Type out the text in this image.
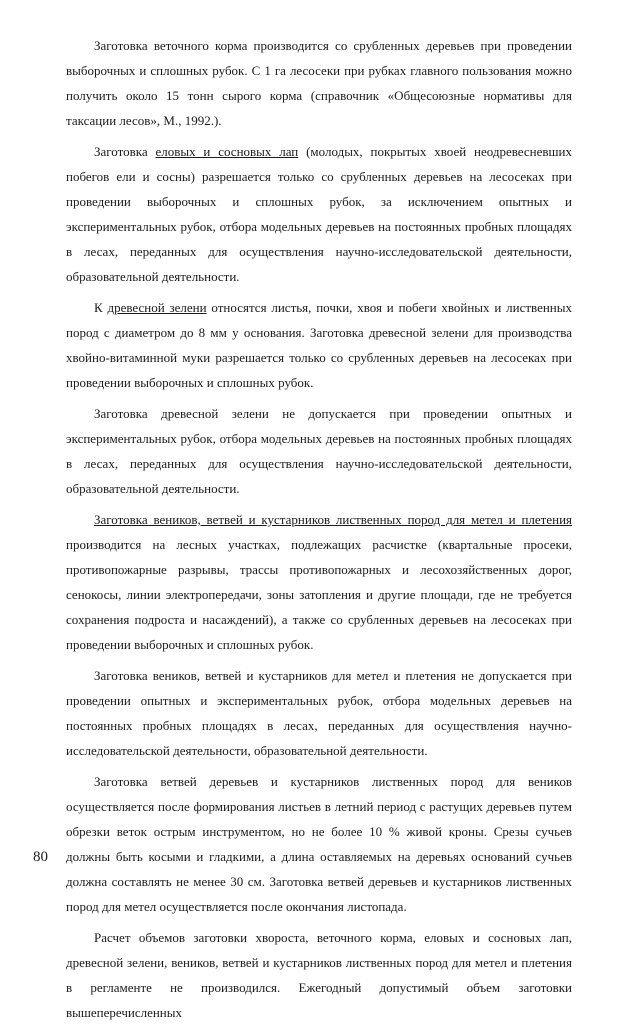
Заготовка веточного корма производится со срубленных деревьев при проведении выборочных и сплошных рубок. С 1 га лесосеки при рубках главного пользования можно получить около 15 тонн сырого корма (справочник «Общесоюзные нормативы для таксации лесов», М., 1992.).

Заготовка еловых и сосновых лап (молодых, покрытых хвоей неодревесневших побегов ели и сосны) разрешается только со срубленных деревьев на лесосеках при проведении выборочных и сплошных рубок, за исключением опытных и экспериментальных рубок, отбора модельных деревьев на постоянных пробных площадях в лесах, переданных для осуществления научно-исследовательской деятельности, образовательной деятельности.

К древесной зелени относятся листья, почки, хвоя и побеги хвойных и лиственных пород с диаметром до 8 мм у основания. Заготовка древесной зелени для производства хвойно-витаминной муки разрешается только со срубленных деревьев на лесосеках при проведении выборочных и сплошных рубок.

Заготовка древесной зелени не допускается при проведении опытных и экспериментальных рубок, отбора модельных деревьев на постоянных пробных площадях в лесах, переданных для осуществления научно-исследовательской деятельности, образовательной деятельности.

Заготовка веников, ветвей и кустарников лиственных пород для метел и плетения производится на лесных участках, подлежащих расчистке (квартальные просеки, противопожарные разрывы, трассы противопожарных и лесохозяйственных дорог, сенокосы, линии электропередачи, зоны затопления и другие площади, где не требуется сохранения подроста и насаждений), а также со срубленных деревьев на лесосеках при проведении выборочных и сплошных рубок.

Заготовка веников, ветвей и кустарников для метел и плетения не допускается при проведении опытных и экспериментальных рубок, отбора модельных деревьев на постоянных пробных площадях в лесах, переданных для осуществления научно-исследовательской деятельности, образовательной деятельности.

Заготовка ветвей деревьев и кустарников лиственных пород для веников осуществляется после формирования листьев в летний период с растущих деревьев путем обрезки веток острым инструментом, но не более 10 % живой кроны. Срезы сучьев должны быть косыми и гладкими, а длина оставляемых на деревьях оснований сучьев должна составлять не менее 30 см. Заготовка ветвей деревьев и кустарников лиственных пород для метел осуществляется после окончания листопада.

Расчет объемов заготовки хвороста, веточного корма, еловых и сосновых лап, древесной зелени, веников, ветвей и кустарников лиственных пород для метел и плетения в регламенте не производился. Ежегодный допустимый объем заготовки вышеперечисленных

80
